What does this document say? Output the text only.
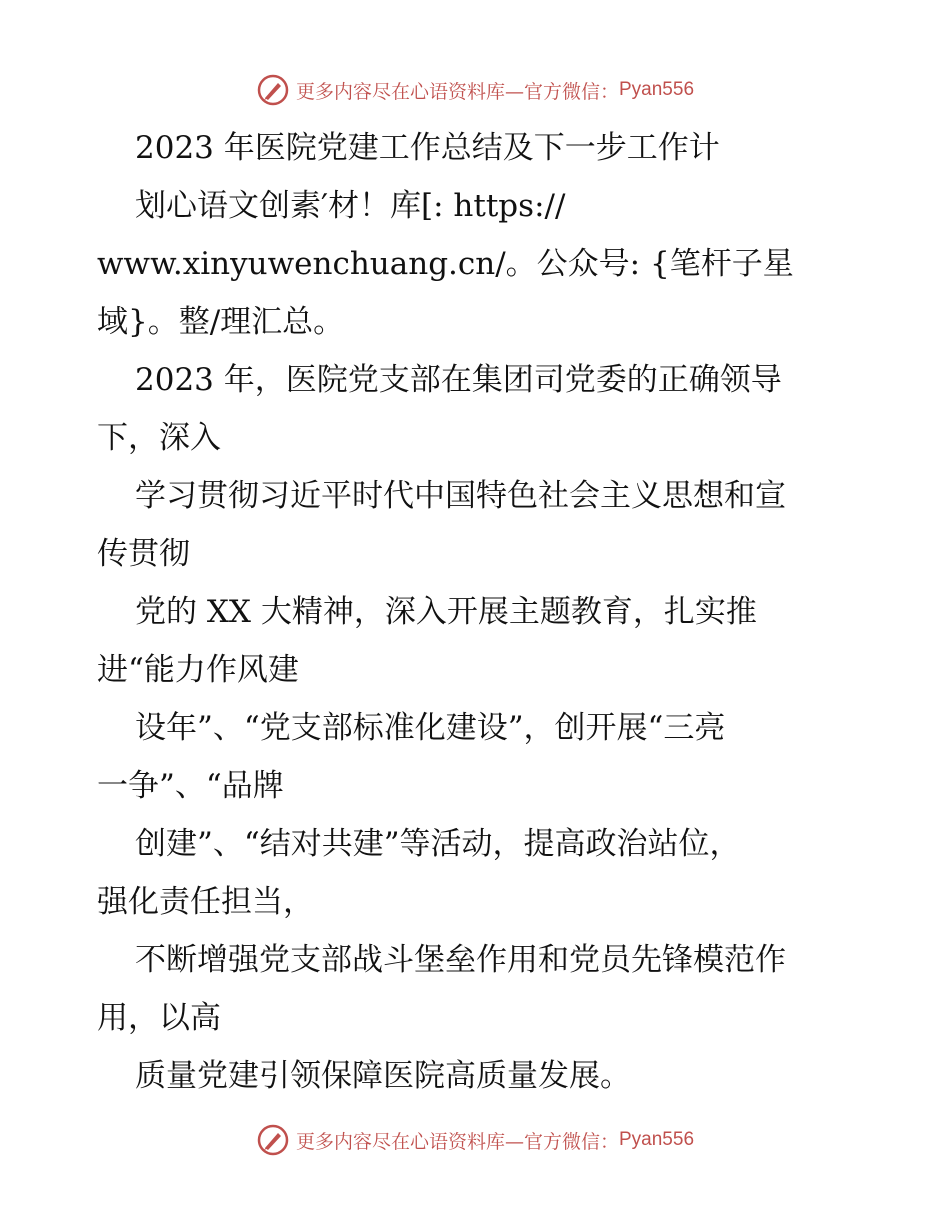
更多内容尽在心语资料库—官方微信： Pyan556
2023 年医院党建工作总结及下一步工作计
划心语文创素′材！库[: https://
www.xinyuwenchuang.cn/。公众号: {笔杆子星
域}。整/理汇总。
2023 年，医院党支部在集团司党委的正确领导
下，深入
学习贯彻习近平时代中国特色社会主义思想和宣
传贯彻
党的 XX 大精神，深入开展主题教育，扎实推
进“能力作风建
设年”、“党支部标准化建设”，创开展“三亮
一争”、“品牌
创建”、“结对共建”等活动，提高政治站位，
强化责任担当，
不断增强党支部战斗堡垒作用和党员先锋模范作
用，以高
质量党建引领保障医院高质量发展。
更多内容尽在心语资料库—官方微信： Pyan556
